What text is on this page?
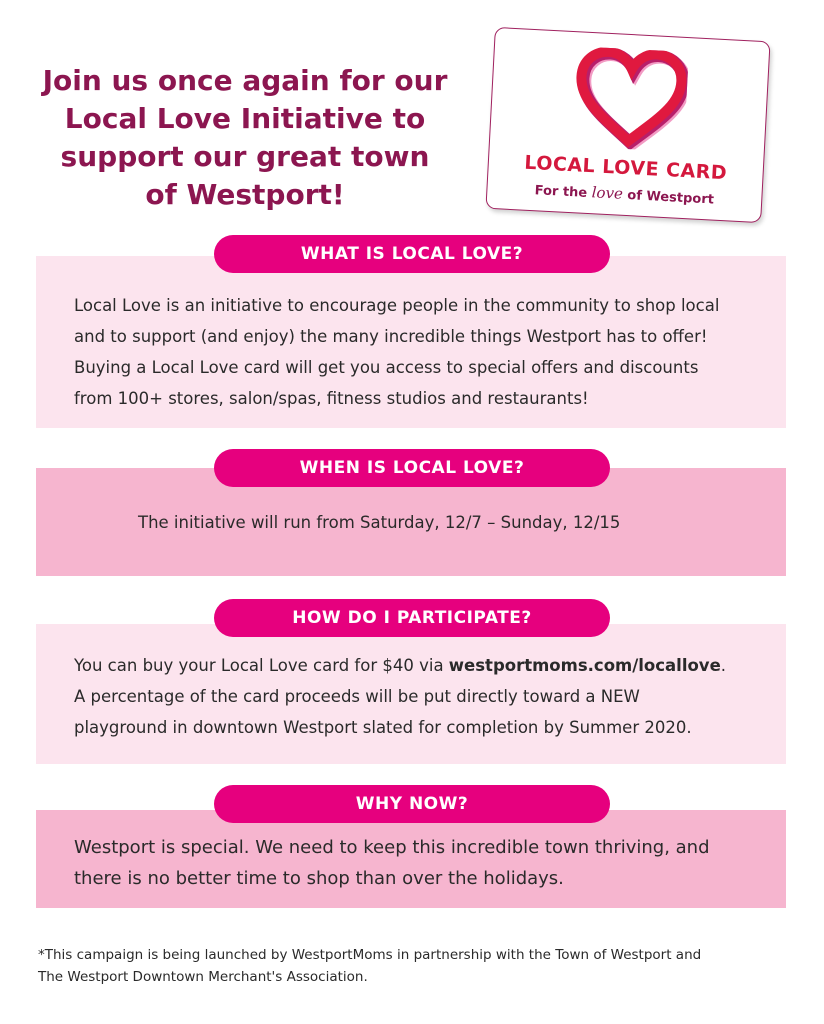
Join us once again for our
Local Love Initiative to
support our great town
of Westport!
LOCAL LOVE CARD
For the love of Westport
WHAT IS LOCAL LOVE?
Local Love is an initiative to encourage people in the community to shop local
and to support (and enjoy) the many incredible things Westport has to offer!
Buying a Local Love card will get you access to special offers and discounts
from 100+ stores, salon/spas, fitness studios and restaurants!
WHEN IS LOCAL LOVE?
The initiative will run from Saturday, 12/7 – Sunday, 12/15
HOW DO I PARTICIPATE?
You can buy your Local Love card for $40 via westportmoms.com/locallove.
A percentage of the card proceeds will be put directly toward a NEW
playground in downtown Westport slated for completion by Summer 2020.
WHY NOW?
Westport is special. We need to keep this incredible town thriving, and
there is no better time to shop than over the holidays.
*This campaign is being launched by WestportMoms in partnership with the Town of Westport and
The Westport Downtown Merchant's Association.
